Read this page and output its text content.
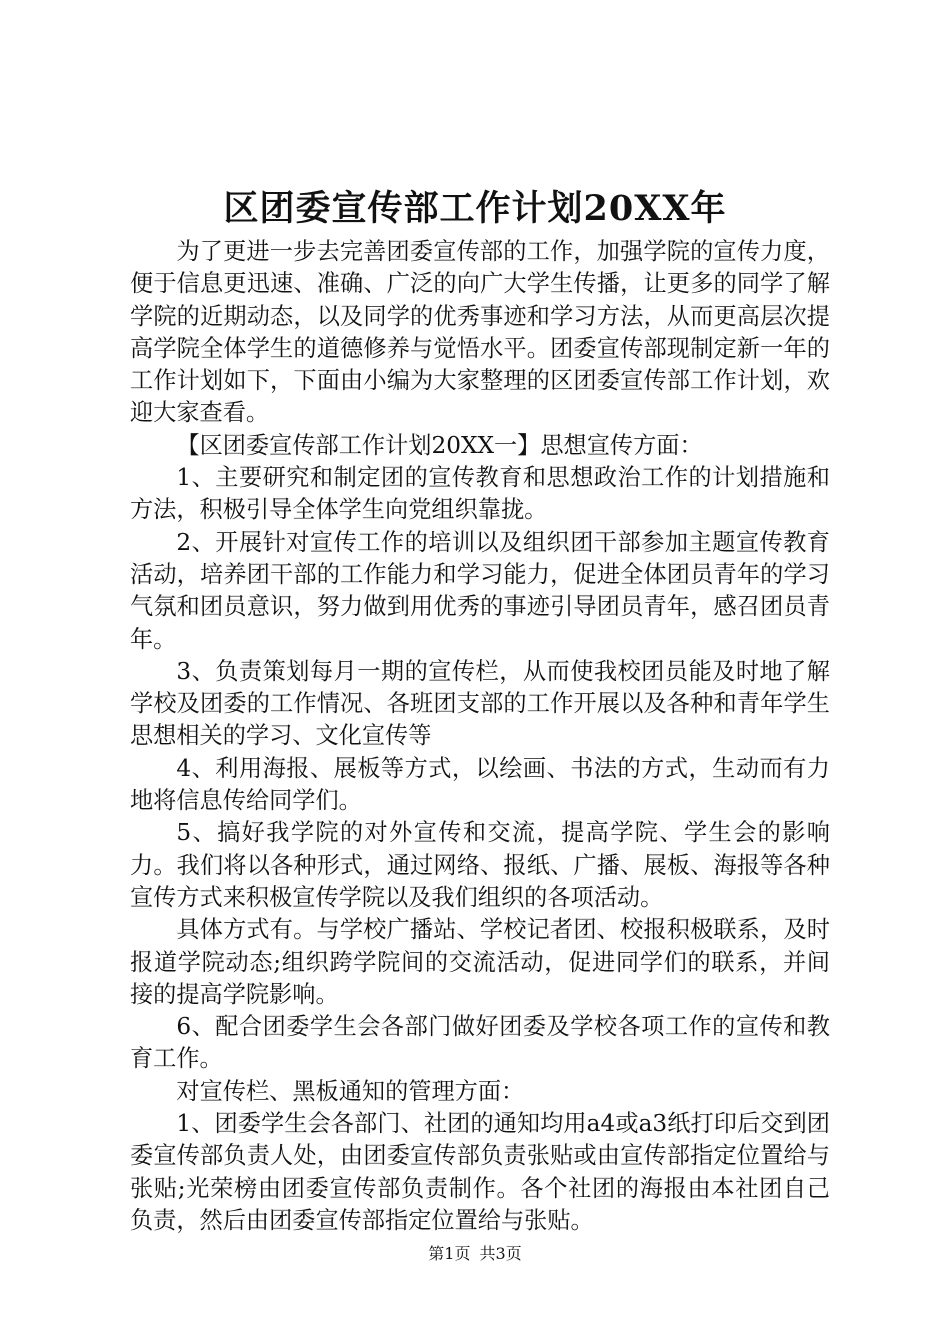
区团委宣传部工作计划20XX年

为了更进一步去完善团委宣传部的工作，加强学院的宣传力度，便于信息更迅速、准确、广泛的向广大学生传播，让更多的同学了解学院的近期动态，以及同学的优秀事迹和学习方法，从而更高层次提高学院全体学生的道德修养与觉悟水平。团委宣传部现制定新一年的工作计划如下，下面由小编为大家整理的区团委宣传部工作计划，欢迎大家查看。

【区团委宣传部工作计划20XX一】思想宣传方面：

1、主要研究和制定团的宣传教育和思想政治工作的计划措施和方法，积极引导全体学生向党组织靠拢。

2、开展针对宣传工作的培训以及组织团干部参加主题宣传教育活动，培养团干部的工作能力和学习能力，促进全体团员青年的学习气氛和团员意识，努力做到用优秀的事迹引导团员青年，感召团员青年。

3、负责策划每月一期的宣传栏，从而使我校团员能及时地了解学校及团委的工作情况、各班团支部的工作开展以及各种和青年学生思想相关的学习、文化宣传等

4、利用海报、展板等方式，以绘画、书法的方式，生动而有力地将信息传给同学们。

5、搞好我学院的对外宣传和交流，提高学院、学生会的影响力。我们将以各种形式，通过网络、报纸、广播、展板、海报等各种宣传方式来积极宣传学院以及我们组织的各项活动。

具体方式有。与学校广播站、学校记者团、校报积极联系，及时报道学院动态;组织跨学院间的交流活动，促进同学们的联系，并间接的提高学院影响。

6、配合团委学生会各部门做好团委及学校各项工作的宣传和教育工作。

对宣传栏、黑板通知的管理方面：

1、团委学生会各部门、社团的通知均用a4或a3纸打印后交到团委宣传部负责人处，由团委宣传部负责张贴或由宣传部指定位置给与张贴;光荣榜由团委宣传部负责制作。各个社团的海报由本社团自己负责，然后由团委宣传部指定位置给与张贴。

第1页 共3页
